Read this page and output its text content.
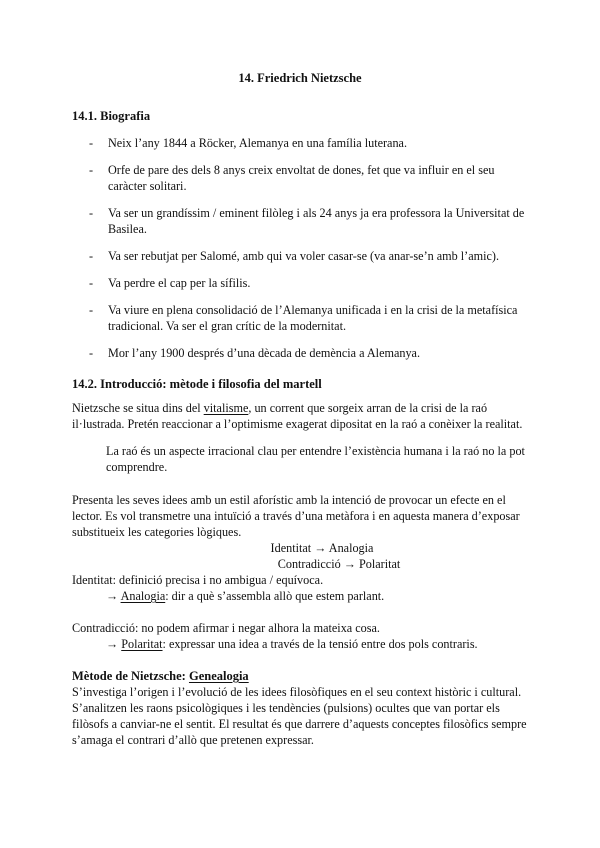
14. Friedrich Nietzsche
14.1. Biografia
- Neix l’any 1844 a Röcker, Alemanya en una família luterana.
- Orfe de pare des dels 8 anys creix envoltat de dones, fet que va influir en el seu caràcter solitari.
- Va ser un grandíssim / eminent filòleg i als 24 anys ja era professora la Universitat de Basilea.
- Va ser rebutjat per Salomé, amb qui va voler casar-se (va anar-se’n amb l’amic).
- Va perdre el cap per la sífilis.
- Va viure en plena consolidació de l’Alemanya unificada i en la crisi de la metafísica tradicional. Va ser el gran crític de la modernitat.
- Mor l’any 1900 després d’una dècada de demència a Alemanya.
14.2. Introducció: mètode i filosofia del martell

Nietzsche se situa dins del vitalisme, un corrent que sorgeix arran de la crisi de la raó il·lustrada. Pretén reaccionar a l’optimisme exagerat dipositat en la raó a conèixer la realitat.

La raó és un aspecte irracional clau per entendre l’existència humana i la raó no la pot comprendre.

Presenta les seves idees amb un estil aforístic amb la intenció de provocar un efecte en el lector. Es vol transmetre una intuïció a través d’una metàfora i en aquesta manera d’exposar substitueix les categories lògiques.

Identitat → Analogia

Contradicció → Polaritat

Identitat: definició precisa i no ambigua / equívoca.

→ Analogia: dir a què s’assembla allò que estem parlant.

Contradicció: no podem afirmar i negar alhora la mateixa cosa.

→ Polaritat: expressar una idea a través de la tensió entre dos pols contraris.

Mètode de Nietzsche: Genealogia

S’investiga l’origen i l’evolució de les idees filosòfiques en el seu context històric i cultural. S’analitzen les raons psicològiques i les tendències (pulsions) ocultes que van portar els filòsofs a canviar-ne el sentit. El resultat és que darrere d’aquests conceptes filosòfics sempre s’amaga el contrari d’allò que pretenen expressar.
